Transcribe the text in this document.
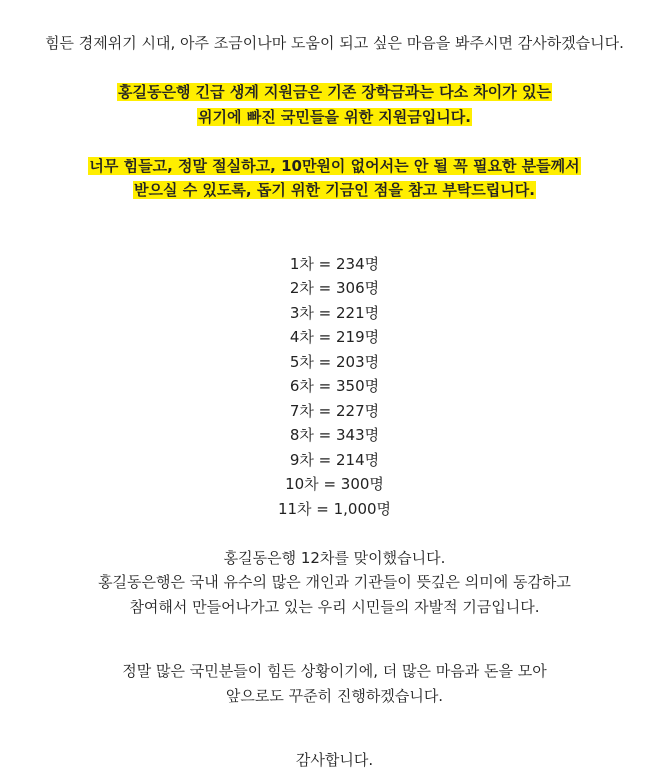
힘든 경제위기 시대, 아주 조금이나마 도움이 되고 싶은 마음을 봐주시면 감사하겠습니다.
홍길동은행 긴급 생계 지원금은 기존 장학금과는 다소 차이가 있는
위기에 빠진 국민들을 위한 지원금입니다.
너무 힘들고, 정말 절실하고, 10만원이 없어서는 안 될 꼭 필요한 분들께서
받으실 수 있도록, 돕기 위한 기금인 점을 참고 부탁드립니다.
1차 = 234명
2차 = 306명
3차 = 221명
4차 = 219명
5차 = 203명
6차 = 350명
7차 = 227명
8차 = 343명
9차 = 214명
10차 = 300명
11차 = 1,000명
홍길동은행 12차를 맞이했습니다.
홍길동은행은 국내 유수의 많은 개인과 기관들이 뜻깊은 의미에 동감하고
참여해서 만들어나가고 있는 우리 시민들의 자발적 기금입니다.
정말 많은 국민분들이 힘든 상황이기에, 더 많은 마음과 돈을 모아
앞으로도 꾸준히 진행하겠습니다.
감사합니다.
